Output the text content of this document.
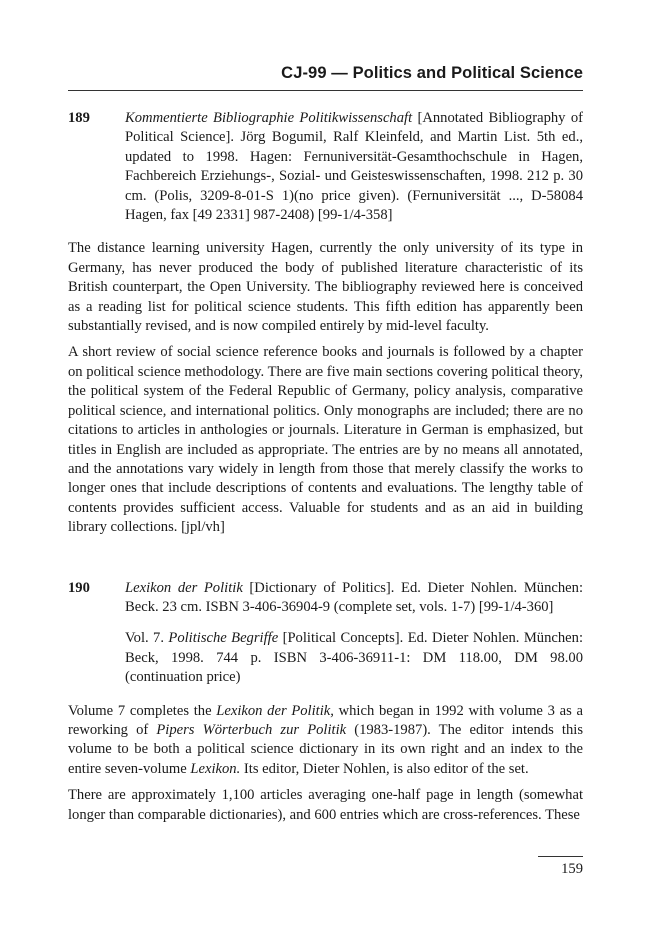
CJ-99 — Politics and Political Science
189	Kommentierte Bibliographie Politikwissenschaft [Annotated Bibliography of Political Science]. Jörg Bogumil, Ralf Kleinfeld, and Martin List. 5th ed., updated to 1998. Hagen: Fernuniversität-Gesamthochschule in Hagen, Fachbereich Erziehungs-, Sozial- und Geisteswissenschaften, 1998. 212 p. 30 cm. (Polis, 3209-8-01-S 1)(no price given). (Fernuniversität ..., D-58084 Hagen, fax [49 2331] 987-2408) [99-1/4-358]

The distance learning university Hagen, currently the only university of its type in Germany, has never produced the body of published literature characteristic of its British counterpart, the Open University. The bibliography reviewed here is conceived as a reading list for political science students. This fifth edition has apparently been substantially revised, and is now compiled entirely by mid-level faculty.

A short review of social science reference books and journals is followed by a chapter on political science methodology. There are five main sections covering political theory, the political system of the Federal Republic of Germany, policy analysis, comparative political science, and international politics. Only monographs are included; there are no citations to articles in anthologies or journals. Literature in German is emphasized, but titles in English are included as appropriate. The entries are by no means all annotated, and the annotations vary widely in length from those that merely classify the works to longer ones that include descriptions of contents and evaluations. The lengthy table of contents provides sufficient access. Valuable for students and as an aid in building library collections. [jpl/vh]

190	Lexikon der Politik [Dictionary of Politics]. Ed. Dieter Nohlen. München: Beck. 23 cm. ISBN 3-406-36904-9 (complete set, vols. 1-7) [99-1/4-360]

Vol. 7. Politische Begriffe [Political Concepts]. Ed. Dieter Nohlen. München: Beck, 1998. 744 p. ISBN 3-406-36911-1: DM 118.00, DM 98.00 (continuation price)

Volume 7 completes the Lexikon der Politik, which began in 1992 with volume 3 as a reworking of Pipers Wörterbuch zur Politik (1983-1987). The editor intends this volume to be both a political science dictionary in its own right and an index to the entire seven-volume Lexikon. Its editor, Dieter Nohlen, is also editor of the set.

There are approximately 1,100 articles averaging one-half page in length (somewhat longer than comparable dictionaries), and 600 entries which are cross-references. These

159
